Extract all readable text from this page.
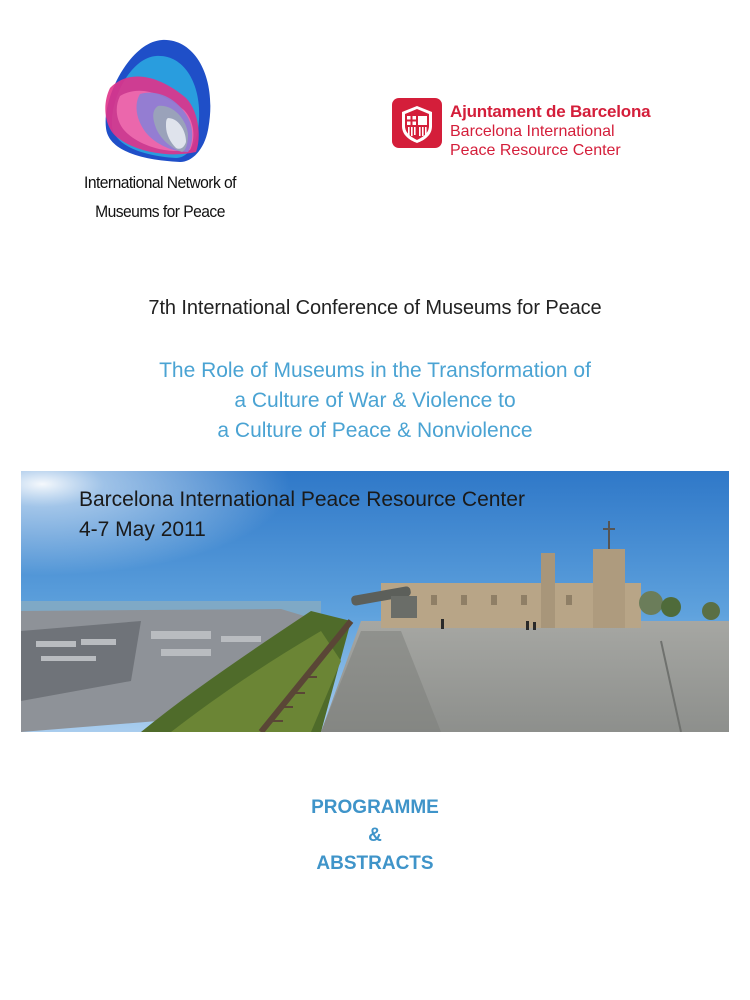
International Network of
Museums for Peace
Ajuntament de Barcelona
Barcelona International
Peace Resource Center
7th International Conference of Museums for Peace
The Role of Museums in the Transformation of
a Culture of War & Violence to
a Culture of Peace & Nonviolence
Barcelona International Peace Resource Center
4-7 May 2011
PROGRAMME
&
ABSTRACTS
